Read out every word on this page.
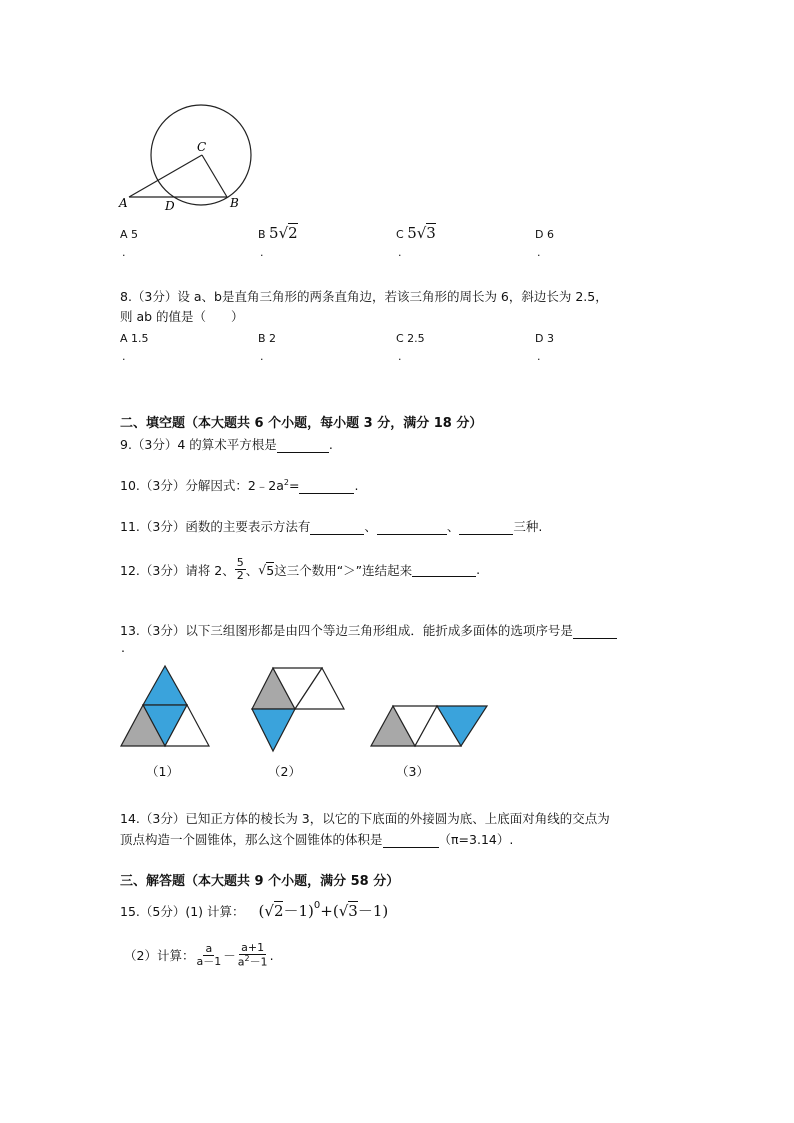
C
A	D	B
A 5	B 5√2	C 5√3	D 6
.	.	.	.
8.（3分）设 a、b是直角三角形的两条直角边，若该三角形的周长为 6，斜边长为 2.5，
则 ab 的值是（　　）
A 1.5	B 2	C 2.5	D 3
.	.	.	.
二、填空题（本大题共 6 个小题，每小题 3 分，满分 18 分）
9.（3分）4 的算术平方根是	.
10.（3分）分解因式：$2﹣2a^2=$	.
11.（3分）函数的主要表示方法有	、	、	三种.
12.（3分）请将 2、 $\frac{5}{2}$ 、 √ 5 这三个数用“＞”连结起来	.
13.（3分）以下三组图形都是由四个等边三角形组成．能折成多面体的选项序号是
.
（1）	（2）	（3）
14.（3分）已知正方体的棱长为 3，以它的下底面的外接圆为底、上底面对角线的交点为
顶点构造一个圆锥体，那么这个圆锥体的体积是	（π=3.14）.
三、解答题（本大题共 9 个小题，满分 58 分）
15.（5分）(1) 计算： ( √ 2 －1)$^0$ + ( √ 3 －1)
（2）计算： $\frac{a}{a-1} - \frac{a+1}{a^2-1}$ .
